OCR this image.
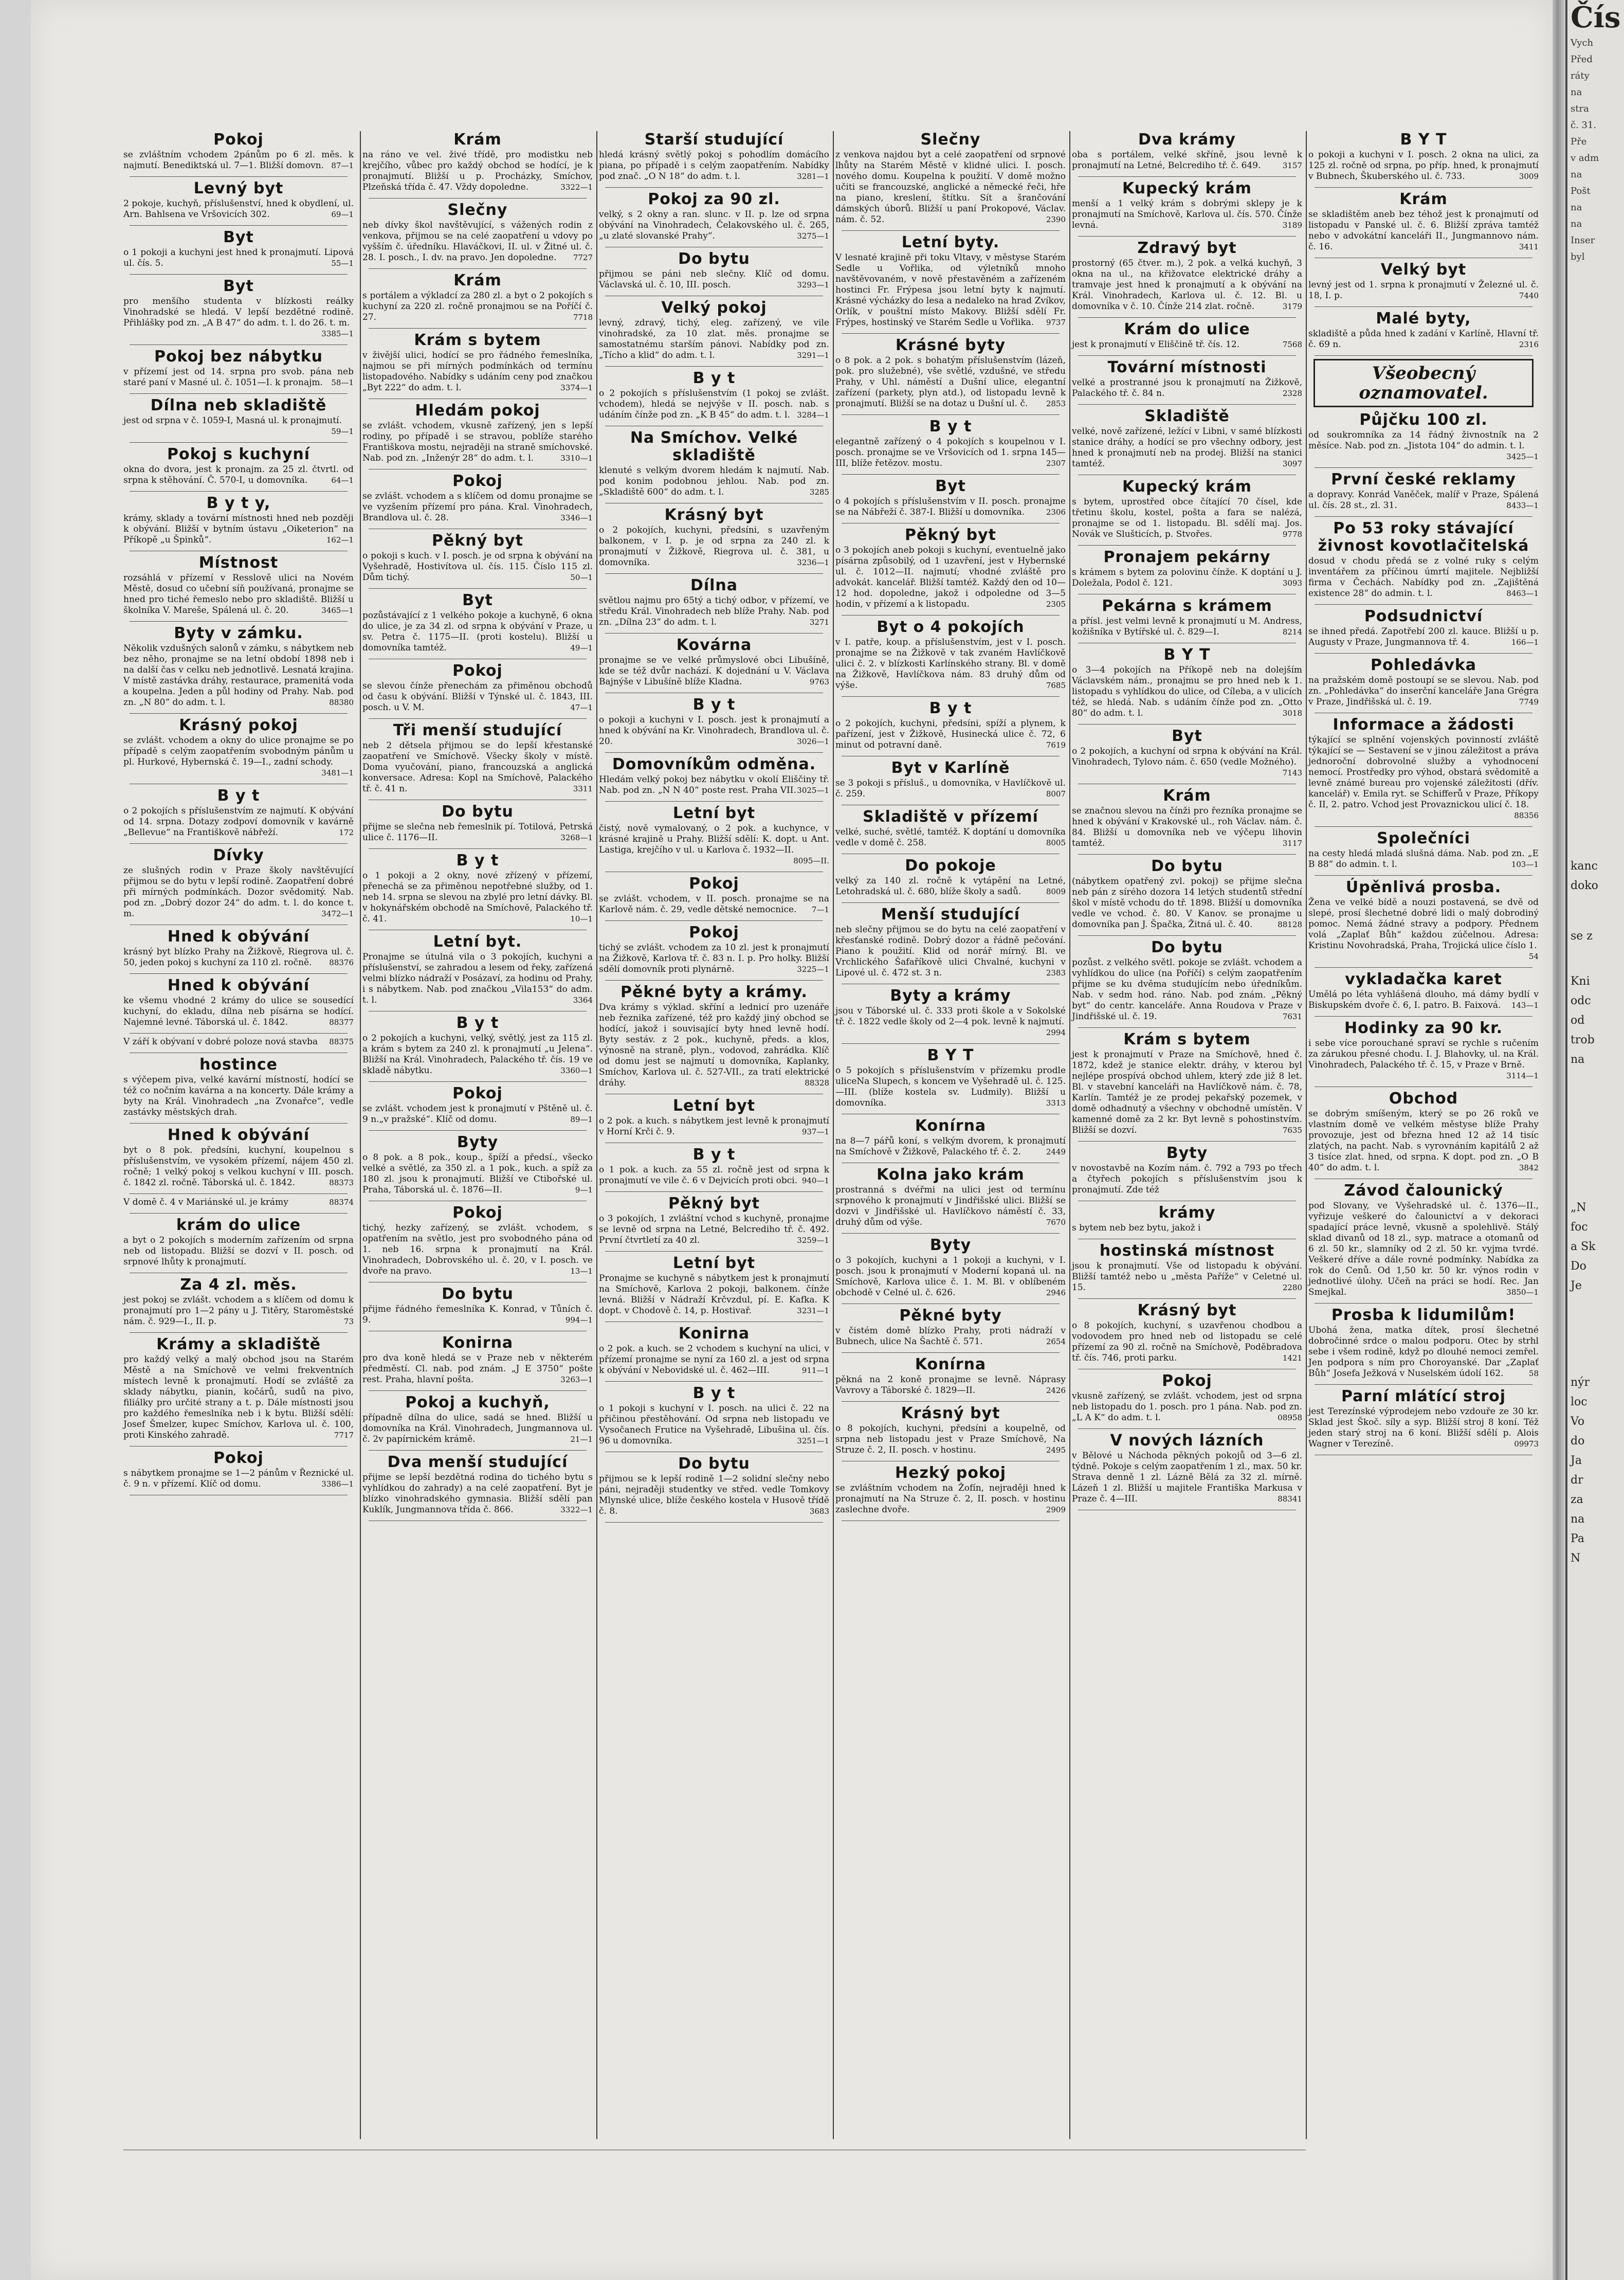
Čís
Vych
Před
ráty
na
stra
č. 31.
Pře
v adm
na
Pošt
na
na
Inser
byl
kanc
doko
se z
Kni
odc
od
trob
na
„N
foc
a Sk
Do
Je
nýr
loc
Vo
do
Ja
dr
za
na
Pa
N
Pokoj

se zvláštním vchodem 2pánům po 6 zl. měs. k najmutí. Benediktská ul. 7—1. Bližší domovn. 87—1

Levný byt

2 pokoje, kuchyň, příslušenství, hned k obydlení, ul. Arn. Bahlsena ve Vršovicích 302.	69—1

Byt

o 1 pokoji a kuchyni jest hned k pronajmutí. Lipová ul. čís. 5.	55—1

Byt

pro menšího studenta v blízkosti reálky Vinohradské se hledá. V lepší bezdětné rodině. Přihlášky pod zn. „A B 47“ do adm. t. l. do 26. t. m.
3385—1

Pokoj bez nábytku

v přízemí jest od 14. srpna pro svob. pána neb staré paní v Masné ul. č. 1051—I. k pronajm. 58—1

Dílna neb skladiště

jest od srpna v č. 1059-I, Masná ul. k pronajmutí.
59—1

Pokoj s kuchyní

okna do dvora, jest k pronajm. za 25 zl. čtvrtl. od srpna k stěhování. Č. 570-I, u domovníka.	64—1

B y t y,

krámy, sklady a tovární místnosti hned neb později k obývání. Bližší v bytním ústavu „Oiketerion“ na Příkopě „u Špinků“.	162—1

Místnost

rozsáhlá v přízemí v Resslově ulici na Novém Městě, dosud co učební síň používaná, pronajme se hned pro tiché řemeslo nebo pro skladiště. Bližší u školníka V. Mareše, Spálená ul. č. 20.	3465—1

Byty v zámku.

Několik vzdušných salonů v zámku, s nábytkem neb bez něho, pronajme se na letní období 1898 neb i na další čas v celku neb jednotlivě. Lesnatá krajina. V místě zastávka dráhy, restaurace, pramenitá voda a koupelna. Jeden a půl hodiny od Prahy. Nab. pod zn. „N 80“ do adm. t. l.	88380

Krásný pokoj

se zvlášt. vchodem a okny do ulice pronajme se po případě s celým zaopatřením svobodným pánům u pl. Hurkové, Hybernská č. 19—I., zadní schody.
3481—1

B y t

o 2 pokojích s příslušenstvím ze najmutí. K obývání od 14. srpna. Dotazy zodpoví domovník v kavárně „Bellevue“ na Františkově nábřeží.	172

Dívky

ze slušných rodin v Praze školy navštěvující přijmou se do bytu v lepší rodině. Zaopatření dobré při mírných podmínkách. Dozor svědomitý. Nab. pod zn. „Dobrý dozor 24“ do adm. t. l. do konce t. m.	3472—1

Hned k obývání

krásný byt blízko Prahy na Žižkově, Riegrova ul. č. 50, jeden pokoj s kuchyní za 110 zl. ročně. 88376

Hned k obývání

ke všemu vhodné 2 krámy do ulice se sousedící kuchyní, do ekladu, dílna neb písárna se hodící. Najemné levné. Táborská ul. č. 1842.	88377

V září k obývaní v dobré poloze nová stavba 88375

hostince

s výčepem piva, velké kavární místností, hodící se též co nočním kavárna a na koncerty. Dále krámy a byty na Král. Vinohradech „na Zvonařce“, vedle zastávky městských drah.

Hned k obývání

byt o 8 pok. předsíni, kuchyní, koupelnou s příslušenstvím, ve vysokém přízemí, nájem 450 zl. ročně; 1 velký pokoj s velkou kuchyní v III. posch. č. 1842 zl. ročně. Táborská ul. č. 1842.	88373

V domě č. 4 v Mariánské ul. je krámy	88374

krám do ulice

a byt o 2 pokojích s moderním zařízením od srpna neb od listopadu. Bližší se dozví v II. posch. od srpnové lhůty k pronajmutí.

Za 4 zl. měs.

jest pokoj se zvlášt. vchodem a s klíčem od domu k pronajmutí pro 1—2 pány u J. Titěry, Staroměstské nám. č. 929—I., II. p.	73

Krámy a skladiště

pro každý velký a malý obchod jsou na Starém Městě a na Smíchově ve velmi frekventních místech levně k pronajmutí. Hodí se zvláště za sklady nábytku, pianin, kočárů, sudů na pivo, filiálky pro určité strany a t. p. Dále místnosti jsou pro každého řemeslníka neb i k bytu. Bližší sdělí: Josef Šmelzer, kupec Smíchov, Karlova ul. č. 100, proti Kinského zahradě.	7717

Pokoj

s nábytkem pronajme se 1—2 pánům v Řeznické ul. č. 9 n. v přízemí. Klíč od domu.	3386—1

Krám

na ráno ve vel. živé třídě, pro modistku neb krejčího, vůbec pro každý obchod se hodící, je k pronajmutí. Bližší u p. Procházky, Smíchov, Plzeňská třída č. 47. Vždy dopoledne.	3322—1

Slečny

neb dívky škol navštěvující, s vážených rodin z venkova, přijmou se na celé zaopatření u vdovy po vyšším č. úředníku. Hlaváčkovi, II. ul. v Žitné ul. č. 28. I. posch., I. dv. na pravo. Jen dopoledne. 7727

Krám

s portálem a výkladcí za 280 zl. a byt o 2 pokojích s kuchyní za 220 zl. ročně pronajmou se na Poříčí č. 27.	7718

Krám s bytem

v živější ulici, hodící se pro řádného řemeslníka, najmou se při mírných podmínkách od termínu listopadového. Nabídky s udáním ceny pod značkou „Byt 222“ do adm. t. l.	3374—1

Hledám pokoj

se zvlášt. vchodem, vkusně zařízený, jen s lepší rodiny, po případě i se stravou, poblíže starého Františkova mostu, nejraději na straně smíchovské. Nab. pod zn. „Inženýr 28“ do adm. t. l.	3310—1

Pokoj

se zvlášt. vchodem a s klíčem od domu pronajme se ve vyzšením přízemí pro pána. Kral. Vinohradech, Brandlova ul. č. 28.	3346—1

Pěkný byt

o pokoji s kuch. v I. posch. je od srpna k obývání na Vyšehradě, Hostivítova ul. čís. 115. Číslo 115 zl. Dům tichý.	50—1

Byt

pozůstávající z 1 velkého pokoje a kuchyně, 6 okna do ulice, je za 34 zl. od srpna k obývání v Praze, u sv. Petra č. 1175—II. (proti kostelu). Bližší u domovníka tamtéž.	49—1

Pokoj

se slevou čínže přenechám za přiměnou obchodů od času k obývání. Bližší v Týnské ul. č. 1843, III. posch. u V. M.	47—1

Tři menší studující

neb 2 dětsela přijmou se do lepší křestanské zaopatření ve Smíchově. Všecky školy v místě. Doma vyučování, piano, francouzská a anglická konversace. Adresa: Kopl na Smíchově, Palackého tř. č. 41 n.	3311

Do bytu

přijme se slečna neb řemeslnik pí. Totilová, Petrská ulice č. 1176—II.	3268—1

B y t

o 1 pokoji a 2 okny, nové zřízený v přízemí, přenechá se za přiměnou nepotřebné služby, od 1. neb 14. srpna se slevou na zbylé pro letní dávky. Bl. v hokynářském obchodě na Smíchově, Palackého tř. č. 41.	10—1

Letní byt.

Pronajme se útulná vila o 3 pokojích, kuchyni a příslušenství, se zahradou a lesem od řeky, zařízená velmi blízko nádraží v Posázaví, za hodinu od Prahy, i s nábytkem. Nab. pod značkou „Vila153“ do adm. t. l.	3364

B y t

o 2 pokojích a kuchyni, velký, světlý, jest za 115 zl. a krám s bytem za 240 zl. k pronajmutí „u Jelena“. Bližší na Král. Vinohradech, Palackého tř. čís. 19 ve skladě nábytku.	3360—1

Pokoj

se zvlášt. vchodem jest k pronajmutí v Pštěně ul. č. 9 n.„v pražské“. Klíč od domu.	89—1

Byty

o 8 pok. a 8 pok., koup., špíží a předsí., všecko velké a světlé, za 350 zl. a 1 pok., kuch. a spíž za 180 zl. jsou k pronajmutí. Bližší ve Ctibořské ul. Praha, Táborská ul. č. 1876—II.	9—1

Pokoj

tichý, hezky zařízený, se zvlášt. vchodem, s opatřením na světlo, jest pro svobodného pána od 1. neb 16. srpna k pronajmutí na Král. Vinohradech, Dobrovského ul. č. 20, v I. posch. ve dvoře na pravo.	13—1

Do bytu

přijme řádného řemeslníka K. Konrad, v Tůních č. 9.	994—1

Konirna

pro dva koně hledá se v Praze neb v některém předměstí. Cl. nab. pod znám. „J E 3750“ pošte rest. Praha, hlavní pošta.	3263—1

Pokoj a kuchyň,

případně dílna do ulice, sadá se hned. Bližší u domovníka na Král. Vinohradech, Jungmannova ul. č. 2v papírnickém krámě.	21—1

Dva menší studující

přijme se lepší bezdětná rodina do tichého bytu s vyhlídkou do zahrady) a na celé zaopatření. Byt je blízko vinohradského gymnasia. Bližší sdělí pan Kuklík, Jungmannova třída č. 866.	3322—1

Starší studující

hledá krásný světlý pokoj s pohodlím domácího piana, po případě i s celým zaopatřením. Nabídky pod znač. „O N 18“ do adm. t. l.	3281—1

Pokoj za 90 zl.

velký, s 2 okny a ran. slunc. v II. p. lze od srpna obývání na Vinohradech, Čelakovského ul. č. 265, „u zlaté slovanské Prahy“.	3275—1

Do bytu

přijmou se páni neb slečny. Klíč od domu. Václavská ul. č. 10, III. posch.	3293—1

Velký pokoj

levný, zdravý, tichý, eleg. zařízený, ve vile vinohradské, za 10 zlat. měs. pronajme se samostatnému starším pánovi. Nabídky pod zn. „Tícho a klid“ do adm. t. l.	3291—1

B y t

o 2 pokojích s příslušenstvím (1 pokoj se zvlášt. vchodem), hledá se nejvýše v II. posch. nab. s udáním čínže pod zn. „K B 45“ do adm. t. l. 3284—1

Na Smíchov. Velké skladiště

klenuté s velkým dvorem hledám k najmutí. Nab. pod konim podobnou jehlou. Nab. pod zn. „Skladiště 600“ do adm. t. l.	3285

Krásný byt

o 2 pokojích, kuchyni, předsíni, s uzavřeným balkonem, v I. p. je od srpna za 240 zl. k pronajmutí v Žižkově, Riegrova ul. č. 381, u domovníka.	3236—1

Dílna

světlou najmu pro 65tý a tichý odbor, v přízemí, ve středu Král. Vinohradech neb blíže Prahy. Nab. pod zn. „Dílna 23“ do adm. t. l.	3271

Kovárna

pronajme se ve velké průmyslové obci Libušíně, kde se též dvůr nachází. K dojednání u V. Václava Bajnýše v Libušíně blíže Kladna.	9763

B y t

o pokoji a kuchyni v I. posch. jest k pronajmutí a hned k obývání na Kr. Vinohradech, Brandlova ul. č. 20.	3026—1

Domovníkům odměna.

Hledám velký pokoj bez nábytku v okolí Eliščiny tř. Nab. pod zn. „N N 40“ poste rest. Praha VII. 3025—1

Letní byt

čistý, nově vymalovaný, o 2 pok. a kuchynce, v krásné krajině u Prahy. Bližší sdělí: K. dopt. u Ant. Lastiga, krejčího v ul. u Karlova č. 1932—II.
8095—II.

Pokoj

se zvlášt. vchodem, v II. posch. pronajme se na Karlově nám. č. 29, vedle dětské nemocnice. 7—1

Pokoj

tichý se zvlášt. vchodem za 10 zl. jest k pronajmutí na Žižkově, Karlova tř. č. 83 n. I. p. Pro holky. Bližší sdělí domovník proti plynárně.	3225—1

Pěkné byty a krámy.

Dva krámy s výklad. skříní a lednicí pro uzenáře neb řeznika zařízené, též pro každý jiný obchod se hodící, jakož i souvisající byty hned levně hodí. Byty sestáv. z 2 pok., kuchyně, předs. a klos, výnosně na straně, plyn., vodovod, zahrádka. Klíč od domu jest se najmutí u domovníka, Kaplanky, Smíchov, Karlova ul. č. 527-VII., za tratí elektrické dráhy.	88328

Letní byt

o 2 pok. a kuch. s nábytkem jest levně k pronajmutí v Horní Krči č. 9.	937—1

B y t

o 1 pok. a kuch. za 55 zl. ročně jest od srpna k pronajmutí ve vile č. 6 v Dejvicích proti obci. 940—1

Pěkný byt

o 3 pokojích, 1 zvláštní vchod s kuchyně, pronajme se levně od srpna na Letné, Belcrediho tř. č. 492. První čtvrtletí za 40 zl.	3259—1

Letní byt

Pronajme se kuchyně s nábytkem jest k pronajmutí na Smíchově, Karlova 2 pokoji, balkonem. čínže levná. Bližší v Nádraží Krčvzdul, pí. E. Kafka. K dopt. v Chodově č. 14, p. Hostivař.	3231—1

Konirna

o 2 pok. a kuch. se 2 vchodem s kuchyní na ulici, v přízemí pronajme se nyní za 160 zl. a jest od srpna k obývání v Nebovidské ul. č. 462—III.	911—1

B y t

o 1 pokoji s kuchyní v I. posch. na ulici č. 22 na přičinou přestěhování. Od srpna neb listopadu ve Vysočanech Frutice na Vyšehradě, Libušina ul. čís. 96 u domovníka.	3251—1

Do bytu

přijmou se k lepší rodině 1—2 solidní slečny nebo páni, nejraději studentky ve střed. vedle Tomkovy Mlynské ulice, blíže českého kostela v Husově třídě č. 8.	3683

Slečny

z venkova najdou byt a celé zaopatření od srpnové lhůty na Starém Městě v klidné ulici. I. posch. nového domu. Koupelna k použití. V domě možno učiti se francouzské, anglické a německé řeči, hře na piano, kreslení, štítku. Sít a šrančování dámských úborů. Bližší u paní Prokopové, Václav. nám. č. 52.	2390

Letní byty.

V lesnaté krajině při toku Vltavy, v městyse Starém Sedle u Vořlika, od výletníků mnoho navštěvovaném, v nově přestavěném a zařízeném hostinci Fr. Frýpesa jsou letní byty k najmutí. Krásné výcházky do lesa a nedaleko na hrad Zvíkov, Orlík, v pouštní místo Makovy. Bližší sdělí Fr. Frýpes, hostinský ve Starém Sedle u Vořlika. 9737

Krásné byty

o 8 pok. a 2 pok. s bohatým příslušenstvím (lázeň, pok. pro služebné), vše světlé, vzdušné, ve středu Prahy, v Uhl. náměstí a Dušní ulice, elegantní zařízení (parkety, plyn atd.), od listopadu levně k pronajmutí. Bližší se na dotaz u Dušní ul. č. 2853

B y t

elegantně zařízený o 4 pokojích s koupelnou v I. posch. pronajme se ve Vršovicích od 1. srpna 145—III, blíže řetězov. mostu.	2307

Byt

o 4 pokojích s příslušenstvím v II. posch. pronajme se na Nábřeží č. 387-I. Bližší u domovníka.	2306

Pěkný byt

o 3 pokojích aneb pokoji s kuchyní, eventuelně jako písárna způsobilý, od 1 uzavření, jest v Hybernské ul. č. 1012—II. najmutí; vhodné zvláště pro advokát. kancelář. Bližší tamtéž. Každý den od 10—12 hod. dopoledne, jakož i odpoledne od 3—5 hodin, v přízemí a k listopadu.	2305

Byt o 4 pokojích

v I. patře, koup. a příslušenstvím, jest v I. posch. pronajme se na Žižkově v tak zvaném Havlíčkově ulici č. 2. v blízkosti Karlínského strany. Bl. v domě na Žižkově, Havlíčkova nám. 83 druhý dům od výše.	7685

B y t

o 2 pokojích, kuchyni, předsíni, spíží a plynem, k pařízení, jest v Žižkově, Husinecká ulice č. 72, 6 minut od potravní daně.	7619

Byt v Karlíně

se 3 pokoji s přísluš., u domovníka, v Havlíčkově ul. č. 259.	8007

Skladiště v přízemí

velké, suché, světlé, tamtéž. K doptání u domovníka vedle v domě č. 258.	8005

Do pokoje

velký za 140 zl. ročně k vytápění na Letné, Letohradská ul. č. 680, blíže školy a sadů.	8009

Menší studující

neb slečny přijmou se do bytu na celé zaopatření v křesťanské rodině. Dobrý dozor a řádně pečování. Piano k použití. Klid od norář mírný. Bl. ve Vrchlického Šafaříkově ulici Chvalné, kuchyni v Lipové ul. č. 472 st. 3 n.	2383

Byty a krámy

jsou v Táborské ul. č. 333 proti škole a v Sokolské tř. č. 1822 vedle školy od 2—4 pok. levně k najmutí.
2994

B Y T

o 5 pokojích s příslušenstvím v přízemku prodle uliceNa Slupech, s koncem ve Vyšehradě ul. č. 125.—III. (blíže kostela sv. Ludmily). Bližší u domovníka.	3313

Konírna

na 8—7 pářů koní, s velkým dvorem, k pronajmutí na Smíchově v Žižkově, Palackého tř. č. 2.	2449

Kolna jako krám

prostranná s dvéřmi na ulici jest od termínu srpnového k pronajmutí v Jindřišské ulici. Bližší se dozvi v Jindřišské ul. Havlíčkovo náměstí č. 33, druhý dům od výše.	7670

Byty

o 3 pokojích, kuchyni a 1 pokoji a kuchyni, v I. posch. jsou k pronajmutí v Moderní kopaná ul. na Smíchově, Karlova ulice č. 1. M. Bl. v oblíbeném obchodě v Celné ul. č. 626.	2946

Pěkné byty

v čistém domě blízko Prahy, proti nádraží v Bubnech, ulice Na Šachtě č. 571.	2654

Konírna

pěkná na 2 koně pronajme se levně. Náprasy Vavrovy a Táborské č. 1829—II.	2426

Krásný byt

o 8 pokojích, kuchyni, předsíni a koupelně, od srpna neb listopadu jest v Praze Smíchově, Na Struze č. 2, II. posch. v hostinu.	2495

Hezký pokoj

se zvláštním vchodem na Žofín, nejraději hned k pronajmutí na Na Struze č. 2, II. posch. v hostinu zaslechne dvoře.	2909

Dva krámy

oba s portálem, velké skříně, jsou levně k pronajmutí na Letné, Belcrediho tř. č. 649.	3157

Kupecký krám

menší a 1 velký krám s dobrými sklepy je k pronajmutí na Smíchově, Karlova ul. čís. 570. Čínže levná.	3189

Zdravý byt

prostorný (65 čtver. m.), 2 pok. a velká kuchyň, 3 okna na ul., na křižovatce elektrické dráhy a tramvaje jest hned k pronajmutí a k obývání na Král. Vinohradech, Karlova ul. č. 12. Bl. u domovníka v č. 10. Čínže 214 zlat. ročně.	3179

Krám do ulice

jest k pronajmutí v Eliščině tř. čís. 12.	7568

Tovární místnosti

velké a prostranné jsou k pronajmutí na Žižkově, Palackého tř. č. 84 n.	2328

Skladiště

velké, nově zařízené, ležící v Libni, v samé blízkosti stanice dráhy, a hodící se pro všechny odbory, jest hned k pronajmutí neb na prodej. Bližší na stanici tamtéž.	3097

Kupecký krám

s bytem, uprostřed obce čítající 70 čísel, kde třetinu školu, kostel, pošta a fara se nalézá, pronajme se od 1. listopadu. Bl. sdělí maj. Jos. Novák ve Slušticích, p. Stvořes.	9778

Pronajem pekárny

s krámem s bytem za polovinu čínže. K doptání u J. Doležala, Podol č. 121.	3093

Pekárna s krámem

a přísl. jest velmi levně k pronajmutí u M. Andress, kožišníka v Bytířské ul. č. 829—I.	8214

B Y T

o 3—4 pokojích na Příkopě neb na dolejším Václavském nám., pronajmu se pro hned neb k 1. listopadu s vyhlídkou do ulice, od Cíleba, a v ulicích též, se hledá. Nab. s udáním čínže pod zn. „Otto 80“ do adm. t. l.	3018

Byt

o 2 pokojích, a kuchyní od srpna k obývání na Král. Vinohradech, Tylovo nám. č. 650 (vedle Možného).
7143

Krám

se značnou slevou na čínži pro řezníka pronajme se hned k obývání v Krakovské ul., roh Václav. nám. č. 84. Bližší u domovníka neb ve výčepu lihovin tamtéž.	3117

Do bytu

(nábytkem opatřený zvl. pokoj) se přijme slečna neb pán z sírého dozora 14 letých studentů střední škol v místě vchodu do tř. 1898. Bližší u domovníka vedle ve vchod. č. 80. V Kanov. se pronajme u domovníka pan J. Špačka, Žitná ul. č. 40.	88128

Do bytu

pozůst. z velkého světl. pokoje se zvlášt. vchodem a vyhlídkou do ulice (na Poříčí) s celým zaopatřením přijme se ku dvěma studujícím nebo úředníkům. Nab. v sedm hod. ráno. Nab. pod znám. „Pěkný byt“ do centr. kanceláře. Anna Roudova v Praze v Jindřišské ul. č. 19.	7631

Krám s bytem

jest k pronajmutí v Praze na Smíchově, hned č. 1872, kdež je stanice elektr. dráhy, v kterou byl nejlépe prospívá obchod uhlem, který zde již 8 let. Bl. v stavební kanceláři na Havlíčkově nám. č. 78, Karlín. Tamtéž je ze prodej pekařský pozemek, v domě odhadnutý a všechny v obchodně umístěn. V kamenné domě za 2 kr. Byt levně s pohostinstvím. Bližší se dozví.	7635

Byty

v novostavbě na Kozím nám. č. 792 a 793 po třech a čtyřech pokojích s příslušenstvím jsou k pronajmutí. Zde též

krámy

s bytem neb bez bytu, jakož i

hostinská místnost

jsou k pronajmutí. Vše od listopadu k obývání. Bližší tamtéž nebo u „města Paříže“ v Celetné ul. 15.	2280

Krásný byt

o 8 pokojích, kuchyní, s uzavřenou chodbou a vodovodem pro hned neb od listopadu se celé přízemí za 90 zl. ročně na Smíchově, Poděbradova tř. čís. 746, proti parku.	1421

Pokoj

vkusně zařízený, se zvlášt. vchodem, jest od srpna neb listopadu do 1. posch. pro 1 pána. Nab. pod zn. „L A K“ do adm. t. l.	08958

V nových lázních

v Bělové u Náchoda pěkných pokojů od 3—6 zl. týdně. Pokoje s celým zaopatřením 1 zl., max. 50 kr. Strava denně 1 zl. Lázně Bělá za 32 zl. mírně. Lázeň 1 zl. Bližší u majitele Františka Markusa v Praze č. 4—III.	88341

B Y T

o pokoji a kuchyni v I. posch. 2 okna na ulici, za 125 zl. ročně od srpna, po příp. hned, k pronajmutí v Bubnech, Škuberského ul. č. 733.	3009

Krám

se skladištěm aneb bez téhož jest k pronajmutí od listopadu v Panské ul. č. 6. Bližší zpráva tamtéž nebo v advokátní kanceláři II., Jungmannovo nám. č. 16.	3411

Velký byt

levný jest od 1. srpna k pronajmutí v Železné ul. č. 18, I. p.	7440

Malé byty,

skladiště a půda hned k zadání v Karlíně, Hlavní tř. č. 69 n.	2316

Všeobecný oznamovatel.
Půjčku 100 zl.

od soukromníka za 14 řádný živnostník na 2 měsíce. Nab. pod zn. „Jistota 104“ do admin. t. l.
3425—1

První české reklamy

a dopravy. Konrád Vaněček, malíř v Praze, Spálená ul. čís. 28 st., zl. 31.	8433—1

Po 53 roky stávající živnost kovotlačitelská

dosud v chodu předá se z volné ruky s celým inventářem za příčinou úmrtí majitele. Nejbližší firma v Čechách. Nabídky pod zn. „Zajištěná existence 28“ do admin. t. l.	8463—1

Podsudnictví

se ihned předá. Zapotřebí 200 zl. kauce. Bližší u p. Augusty v Praze, Jungmannova tř. 4.	166—1

Pohledávka

na pražském domě postoupí se se slevou. Nab. pod zn. „Pohledávka“ do inserční kanceláře Jana Grégra v Praze, Jindřišská ul. č. 19.	7749

Informace a žádosti

týkající se splnění vojenských povinností zvláště týkající se — Sestavení se v jinou záležitost a práva jednoroční dobrovolné služby a vyhodnocení nemocí. Prostředky pro výhod, obstará svědomitě a levně známé bureau pro vojenské záležitosti (dřív. kancelář) v. Emila ryt. se Schifferů v Praze, Příkopy č. II, 2. patro. Vchod jest Provaznickou ulicí č. 18.
88356

Společníci

na cesty hledá mladá slušná dáma. Nab. pod zn. „E B 88“ do admin. t. l.	103—1

Úpěnlivá prosba.

Žena ve velké bídě a nouzi postavená, se dvě od slepé, prosí šlechetné dobré lidi o malý dobrodiný pomoc. Nemá žádné stravy a podpory. Přednem volá „Zaplať Bůh“ každou zúčelnou. Adresa: Kristinu Novohradská, Praha, Trojická ulice číslo 1.
54

vykladačka karet

Umělá po léta vyhlášená dlouho, má dámy bydlí v Biskupském dvoře č. 6, I. patro. B. Faixová. 143—1

Hodinky za 90 kr.

i sebe více porouchané spraví se rychle s ručením za zárukou přesné chodu. I. J. Blahovky, ul. na Král. Vinohradech, Palackého tř. č. 15, v Praze v Brně.
3114—1

Obchod

se dobrým smíšeným, který se po 26 roků ve vlastním domě ve velkém městyse blíže Prahy provozuje, jest od března hned 12 až 14 tisíc zlatých, na pacht. Nab. s vyrovnáním kapitálů 2 až 3 tisíce zlat. hned, od srpna. K dopt. pod zn. „O B 40“ do adm. t. l.	3842

Závod čalounický

pod Slovany, ve Vyšehradské ul. č. 1376—II., vyřizuje veškeré do čalounictví a v dekoraci spadající práce levně, vkusně a spolehlivě. Stálý sklad divanů od 18 zl., syp. matrace a otomanů od 6 zl. 50 kr., slamníky od 2 zl. 50 kr. vyjma tvrdé. Veškeré dříve a dále rovné podmínky. Nabídka za rok do Cenů. Od 1,50 kr. 50 kr. výnos rodin v jednotlivé úlohy. Učeň na práci se hodí. Rec. Jan Smejkal.	3850—1

Prosba k lidumilům!

Ubohá žena, matka dítek, prosí šlechetné dobročinné srdce o malou podporu. Otec by strhl sebe i všem rodině, když po dlouhé nemoci zemřel. Jen podpora s ním pro Choroyanské. Dar „Zaplať Bůh“ Josefa Ježková v Nuselském údolí 162.	58

Parní mlátící stroj

jest Terezínské výprodejem nebo vzdouře ze 30 kr. Sklad jest Škoč. síly a syp. Bližší stroj 8 koní. Též jeden starý stroj na 6 koní. Bližší sdělí p. Alois Wagner v Terezíně.	09973
